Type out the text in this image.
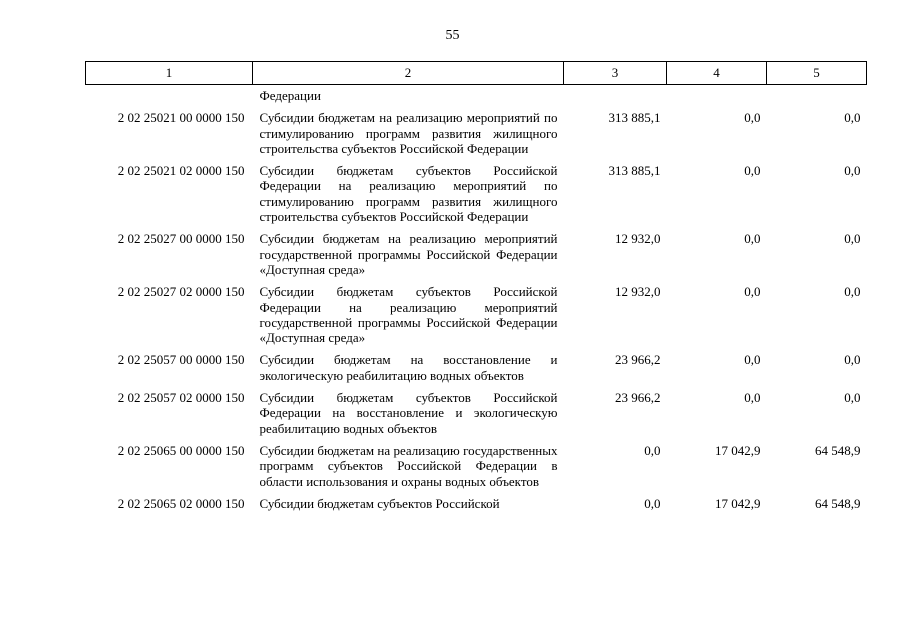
55
1	2	3	4	5
	Федерации			
2 02 25021 00 0000 150	Субсидии бюджетам на реализацию мероприятий по стимулированию программ развития жилищного строительства субъектов Российской Федерации	313 885,1	0,0	0,0
2 02 25021 02 0000 150	Субсидии бюджетам субъектов Российской Федерации на реализацию мероприятий по стимулированию программ развития жилищного строительства субъектов Российской Федерации	313 885,1	0,0	0,0
2 02 25027 00 0000 150	Субсидии бюджетам на реализацию мероприятий государственной программы Российской Федерации «Доступная среда»	12 932,0	0,0	0,0
2 02 25027 02 0000 150	Субсидии бюджетам субъектов Российской Федерации на реализацию мероприятий государственной программы Российской Федерации «Доступная среда»	12 932,0	0,0	0,0
2 02 25057 00 0000 150	Субсидии бюджетам на восстановление и экологическую реабилитацию водных объектов	23 966,2	0,0	0,0
2 02 25057 02 0000 150	Субсидии бюджетам субъектов Российской Федерации на восстановление и экологическую реабилитацию водных объектов	23 966,2	0,0	0,0
2 02 25065 00 0000 150	Субсидии бюджетам на реализацию государственных программ субъектов Российской Федерации в области использования и охраны водных объектов	0,0	17 042,9	64 548,9
2 02 25065 02 0000 150	Субсидии бюджетам субъектов Российской	0,0	17 042,9	64 548,9
